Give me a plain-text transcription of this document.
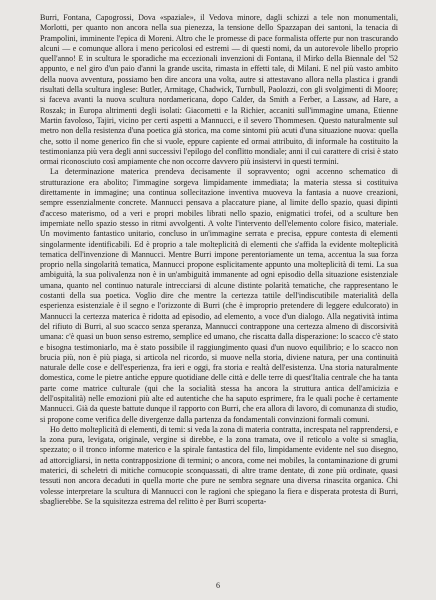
Burri, Fontana, Capogrossi, Dova «spaziale», il Vedova minore, dagli schizzi a tele non monumentali, Morlotti, per quanto non ancora nella sua pienezza, la tensione dello Spazzapan dei santoni, la tenacia di Prampolini, imminente l'epica di Moreni. Altro che le promesse di pace formalista offerte pur non trascurando alcuni — e comunque allora i meno pericolosi ed estremi — di questi nomi, da un autorevole libello proprio quell'anno! E in scultura le sporadiche ma eccezionali invenzioni di Fontana, il Mirko della Biennale del '52 appunto, e nel giro d'un paio d'anni la grande uscita, rimasta in effetti tale, di Milani. E nel più vasto ambito della nuova avventura, possiamo ben dire ancora una volta, autre si attestavano allora nella plastica i grandi risultati della scultura inglese: Butler, Armitage, Chadwick, Turnbull, Paolozzi, con gli svolgimenti di Moore; si faceva avanti la nuova scultura nordamericana, dopo Calder, da Smith a Ferber, a Lassaw, ad Hare, a Roszak; in Europa altrimenti degli isolati: Giacometti e la Richier, accaniti sull'immagine umana, Etienne Martin favoloso, Tajiri, vicino per certi aspetti a Mannucci, e il severo Thommesen. Questo naturalmente sul metro non della resistenza d'una poetica già storica, ma come sintomi più acuti d'una situazione nuova: quella che, sotto il nome generico fin che si vuole, eppure capiente ed ormai attribuito, di informale ha costituito la testimonianza più vera degli anni successivi l'epilogo del conflitto mondiale; anni il cui carattere di crisi è stato ormai riconosciuto così ampiamente che non occorre davvero più insistervi in questi termini.

La determinazione materica prendeva decisamente il sopravvento; ogni accenno schematico di strutturazione era abolito; l'immagine sorgeva limpidamente immediata; la materia stessa si costituiva direttamente in immagine; una continua sollecitazione inventiva muoveva la fantasia a nuove creazioni, sempre essenzialmente concrete. Mannucci pensava a placcature piane, al limite dello spazio, quasi dipinti d'acceso materismo, od a veri e propri mobiles librati nello spazio, enigmatici trofei, od a sculture ben imperniate nello spazio stesso in ritmi avvolgenti. A volte l'intervento dell'elemento colore fisico, materiale. Un movimento fantastico unitario, concluso in un'immagine serrata e precisa, eppure contesta di elementi singolarmente identificabili. Ed è proprio a tale molteplicità di elementi che s'affida la evidente molteplicità tematica dell'invenzione di Mannucci. Mentre Burri impone perentoriamente un tema, accentua la sua forza proprio nella singolarità tematica, Mannucci propone esplicitamente appunto una molteplicità di temi. La sua ambiguità, la sua polivalenza non è in un'ambiguità immanente ad ogni episodio della situazione esistenziale umana, quanto nel continuo naturale intrecciarsi di alcune distinte polarità tematiche, che rappresentano le costanti della sua poetica. Voglio dire che mentre la certezza tattile dell'indiscutibile materialità della esperienza esistenziale è il segno e l'orizzonte di Burri (che è improprio pretendere di leggere edulcorato) in Mannucci la certezza materica è ridotta ad episodio, ad elemento, a voce d'un dialogo. Alla negatività intima del rifiuto di Burri, al suo scacco senza speranza, Mannucci contrappone una certezza almeno di discorsività umana: c'è quasi un buon senso estremo, semplice ed umano, che riscatta dalla disperazione: lo scacco c'è stato e bisogna testimoniarlo, ma è stato possibile il raggiungimento quasi d'un nuovo equilibrio; e lo scacco non brucia più, non è più piaga, si articola nel ricordo, si muove nella storia, diviene natura, per una continuità naturale delle cose e dell'esperienza, fra ieri e oggi, fra storia e realtà dell'esistenza. Una storia naturalmente domestica, come le pietre antiche eppure quotidiane delle città e delle terre di quest'Italia centrale che ha tanta parte come matrice culturale (qui che la socialità stessa ha ancora la struttura antica dell'amicizia e dell'ospitalità) nelle emozioni più alte ed autentiche che ha saputo esprimere, fra le quali poche è certamente Mannucci. Già da queste battute dunque il rapporto con Burri, che era allora di lavoro, di comunanza di studio, si propone come verifica delle divergenze dalla partenza da fondamentali convinzioni formali comuni.

Ho detto molteplicità di elementi, di temi: si veda la zona di materia contratta, increspata nel rapprendersi, e la zona pura, levigata, originale, vergine si direbbe, e la zona tramata, ove il reticolo a volte si smaglia, spezzato; o il tronco informe materico e la spirale fantastica del filo, limpidamente evidente nel suo disegno, ad attorcigliarsi, in netta contrapposizione di termini; o ancora, come nei mobiles, la contaminazione di grumi materici, di scheletri di mitiche cornucopie sconquassati, di altre trame dentate, di zone più ordinate, quasi tessuti non ancora decaduti in quella morte che pure ne sembra segnare una diversa rinascita organica. Chi volesse interpretare la scultura di Mannucci con le ragioni che spiegano la fiera e disperata protesta di Burri, sbaglierebbe. Se la squisitezza estrema del relitto è per Burri scoperta-

6
